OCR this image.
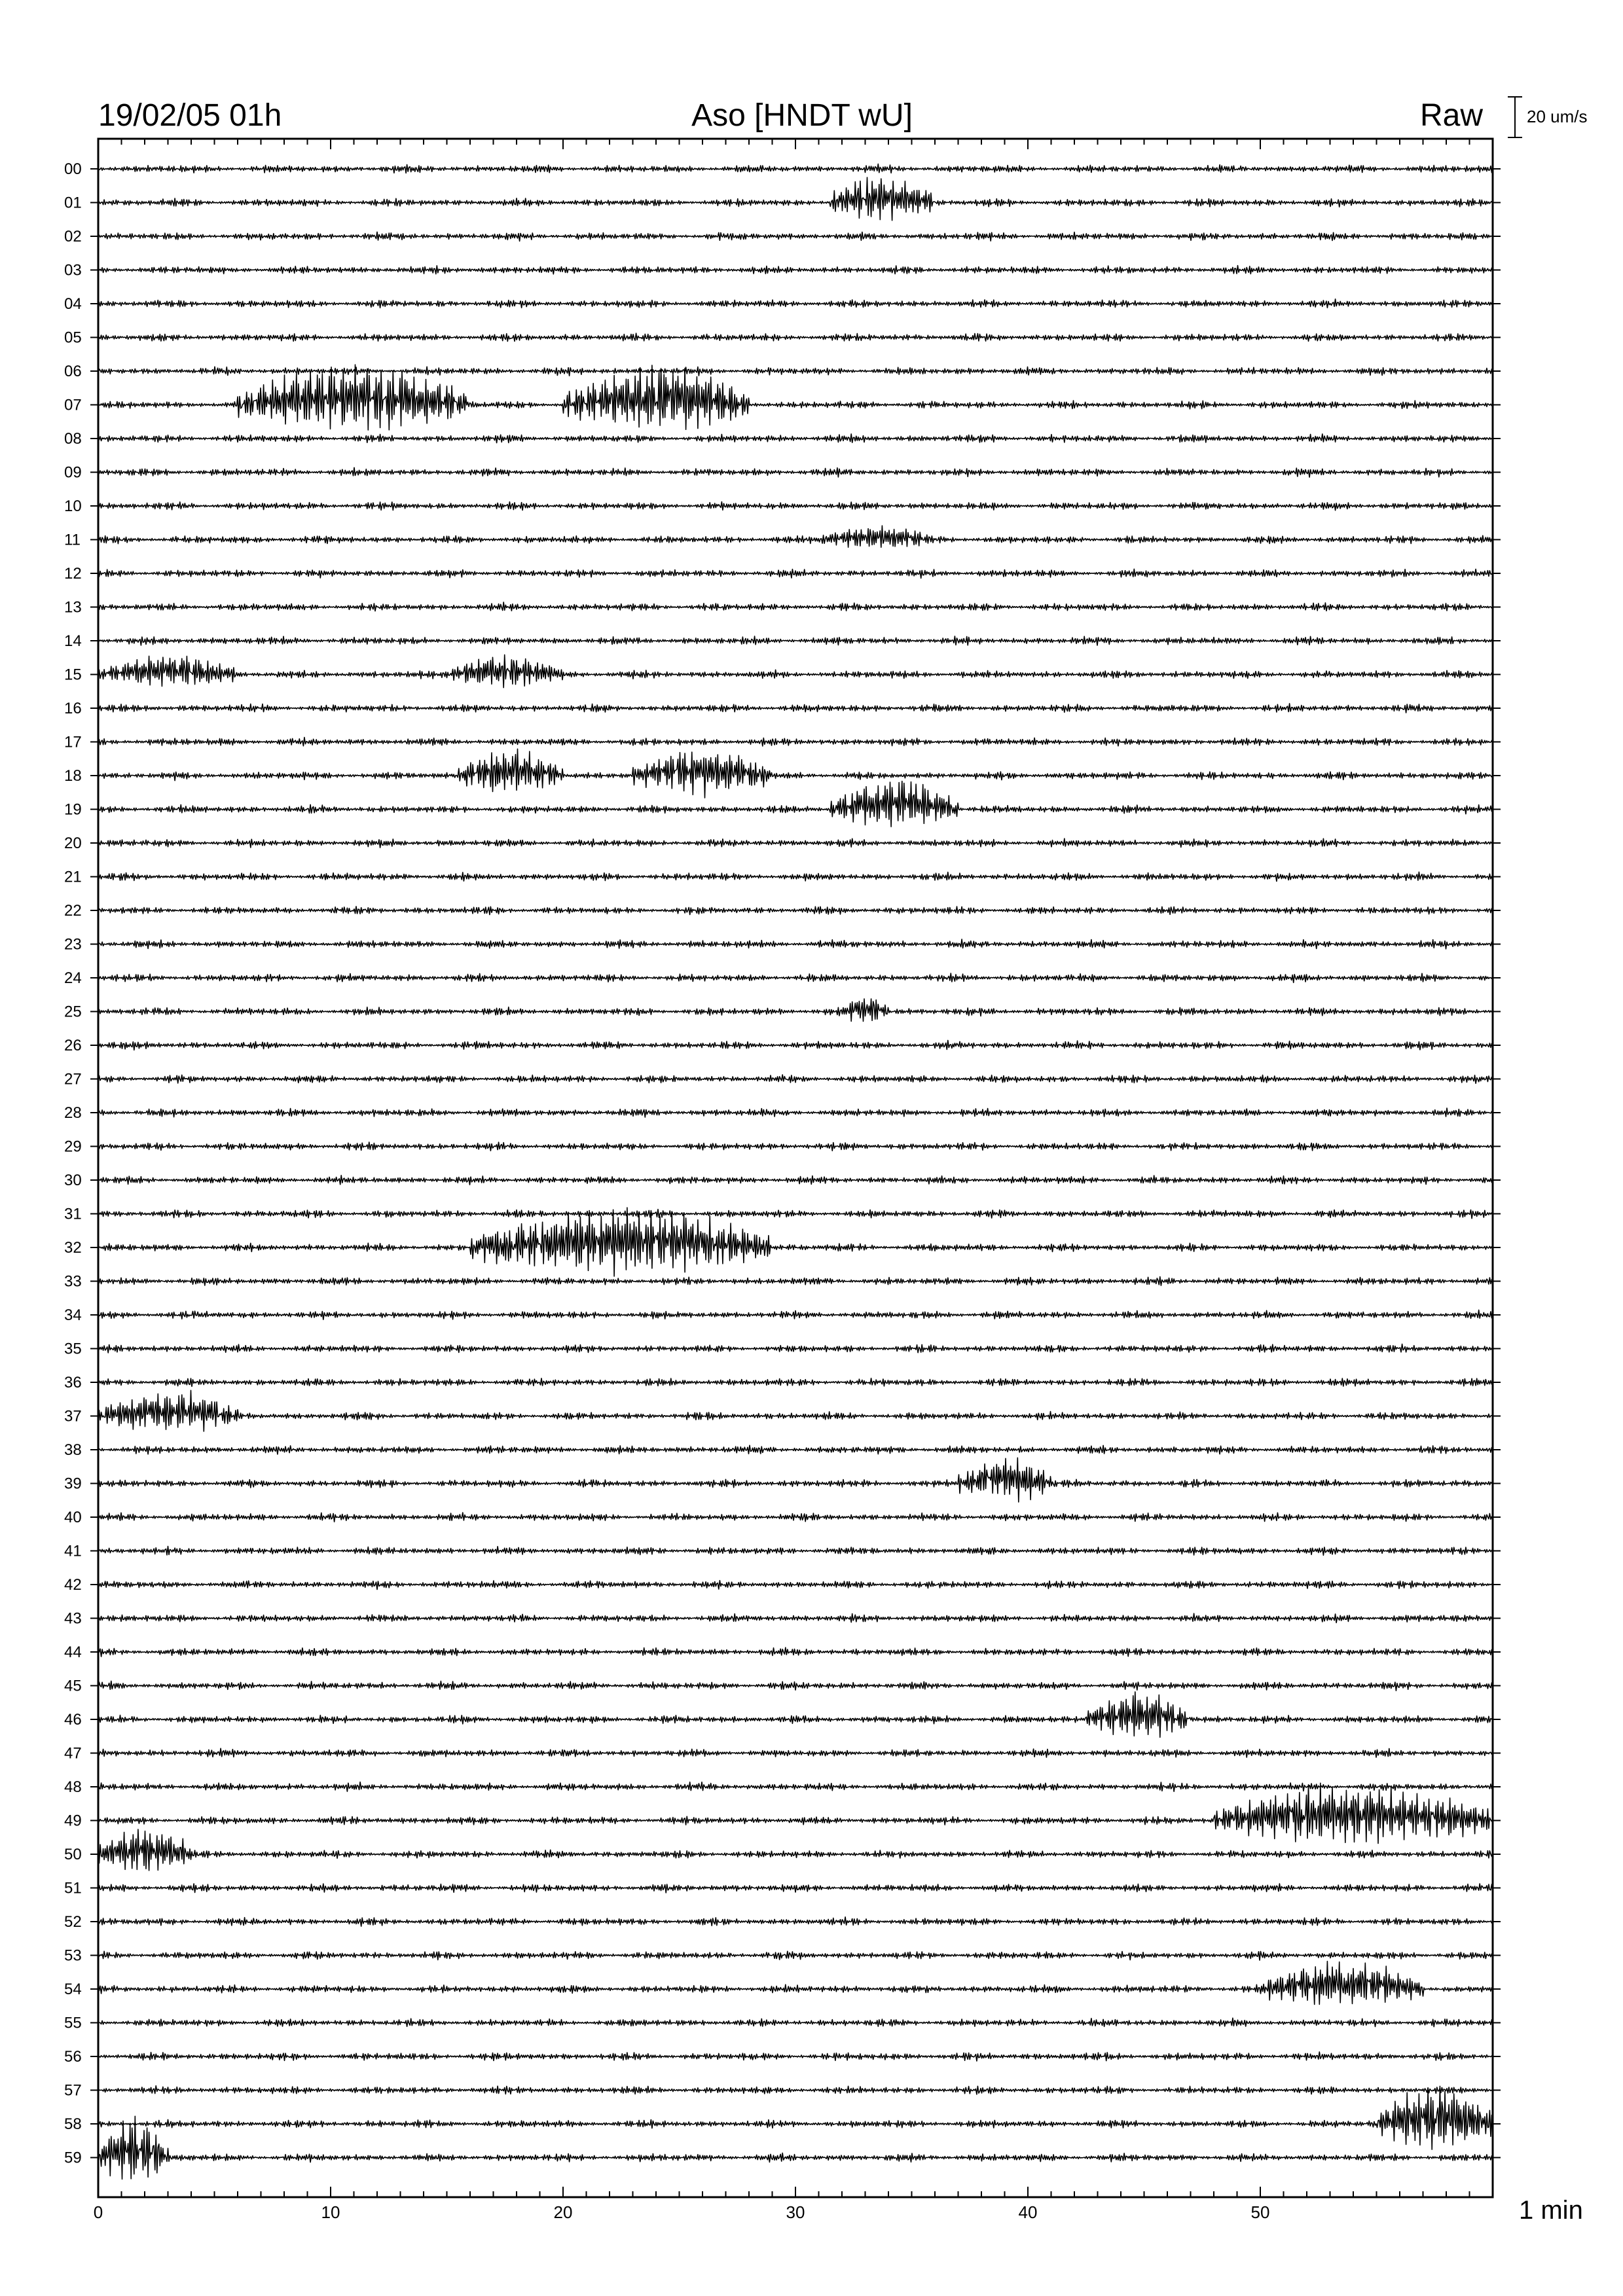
19/02/05 01h	Aso [HNDT wU]	Raw	20 um/s
00
01
02
03
04
05
06
07
08
09
10
11
12
13
14
15
16
17
18
19
20
21
22
23
24
25
26
27
28
29
30
31
32
33
34
35
36
37
38
39
40
41
42
43
44
45
46
47
48
49
50
51
52
53
54
55
56
57
58
59
0	10	20	30	40	50	1 min
